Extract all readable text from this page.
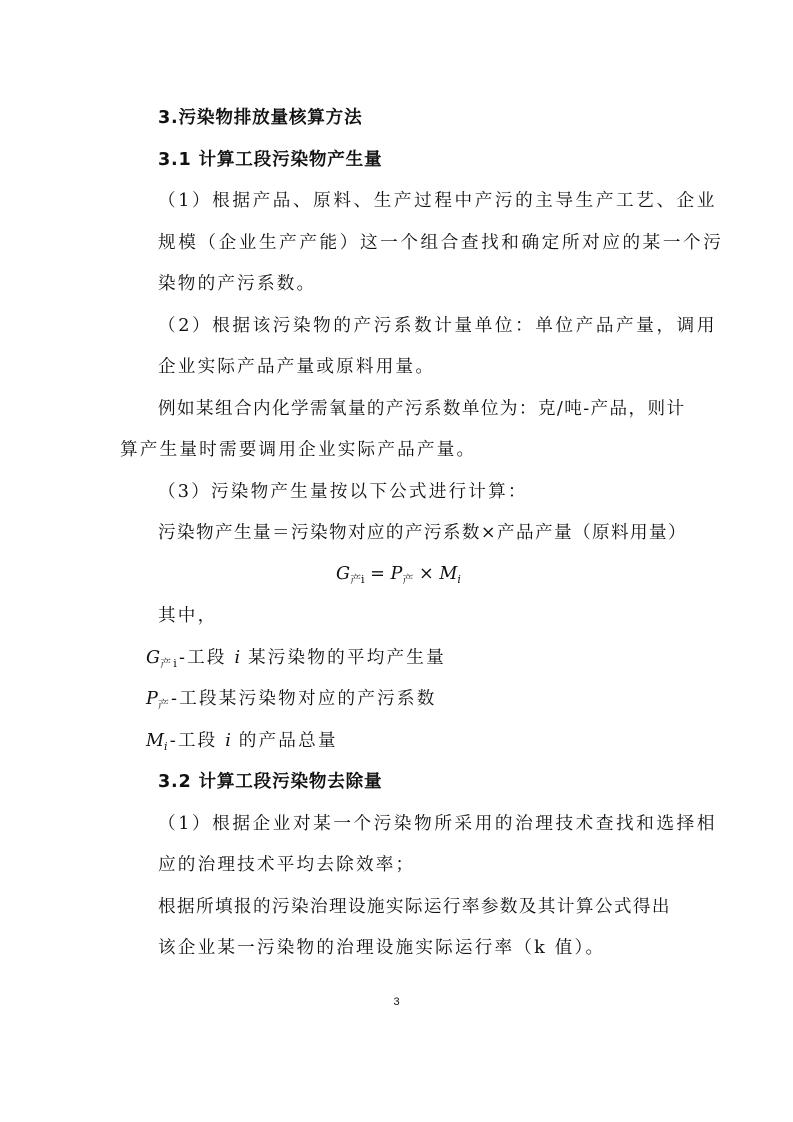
3.污染物排放量核算方法
3.1 计算工段污染物产生量
（1）根据产品、原料、生产过程中产污的主导生产工艺、企业
规模（企业生产产能）这一个组合查找和确定所对应的某一个污
染物的产污系数。
（2）根据该污染物的产污系数计量单位：单位产品产量，调用
企业实际产品产量或原料用量。
例如某组合内化学需氧量的产污系数单位为：克/吨-产品，则计
算产生量时需要调用企业实际产品产量。
（3）污染物产生量按以下公式进行计算：
污染物产生量＝污染物对应的产污系数×产品产量（原料用量）
$G_{产i} = P_产 \times M_i$
其中，
$G_{产i}-$工段 i 某污染物的平均产生量
$P_产-$工段某污染物对应的产污系数
$M_i-$工段 i 的产品总量
3.2 计算工段污染物去除量
（1）根据企业对某一个污染物所采用的治理技术查找和选择相
应的治理技术平均去除效率；
根据所填报的污染治理设施实际运行率参数及其计算公式得出
该企业某一污染物的治理设施实际运行率（k 值）。
3
